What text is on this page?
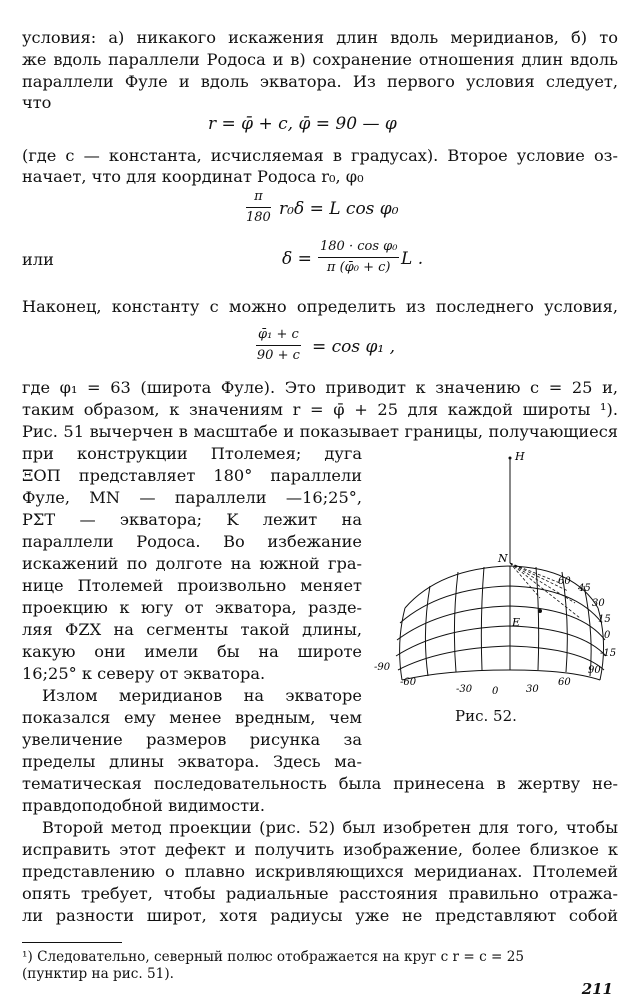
условия: а) никакого искажения длин вдоль меридианов, б) то
же вдоль параллели Родоса и в) сохранение отношения длин вдоль
параллели Фуле и вдоль экватора. Из первого условия следует,
что
r = φ̄ + c, φ̄ = 90 — φ
(где c — константа, исчисляемая в градусах). Второе условие оз-
начает, что для координат Родоса r₀, φ₀
$\frac{\pi}{180} r_0\delta = L$ cos φ₀
или	$\delta = \frac{\text{180 · cos φ₀}}{\text{π (φ̄₀ + c)}}$ L .
Наконец, константу c можно определить из последнего условия,
$\frac{\text{φ̄₁ + c}}{90 + c} = \cos \varphi_1$ ,
где φ₁ = 63 (широта Фуле). Это приводит к значению c = 25 и,
таким образом, к значениям r = φ̄ + 25 для каждой широты ¹).
Рис. 51 вычерчен в масштабе и показывает границы, получающиеся
при конструкции Птолемея; дуга
ΞΟΠ представляет 180° параллели
Фуле, MN — параллели —16;25°,
ΡΣΤ — экватора; K лежит на
параллели Родоса. Во избежание
искажений по долготе на южной гра-
нице Птолемей произвольно меняет
проекцию к югу от экватора, разде-
ляя ΦZX на сегменты такой длины,
какую они имели бы на широте
16;25° к северу от экватора.
Излом меридианов на экваторе
показался ему менее вредным, чем
увеличение размеров рисунка за
пределы длины экватора. Здесь ма-
тематическая последовательность была принесена в жертву не-
правдоподобной видимости.
Второй метод проекции (рис. 52) был изобретен для того, чтобы
исправить этот дефект и получить изображение, более близкое к
представлению о плавно искривляющихся меридианах. Птолемей
опять требует, чтобы радиальные расстояния правильно отража-
ли разности широт, хотя радиусы уже не представляют собой
H
N
E
60
45
30
15
0
-15
-90
-60
-30 0	30
60
90
Рис. 52.
¹) Следовательно, северный полюс отображается на круг с r = c = 25
(пунктир на рис. 51).
211
